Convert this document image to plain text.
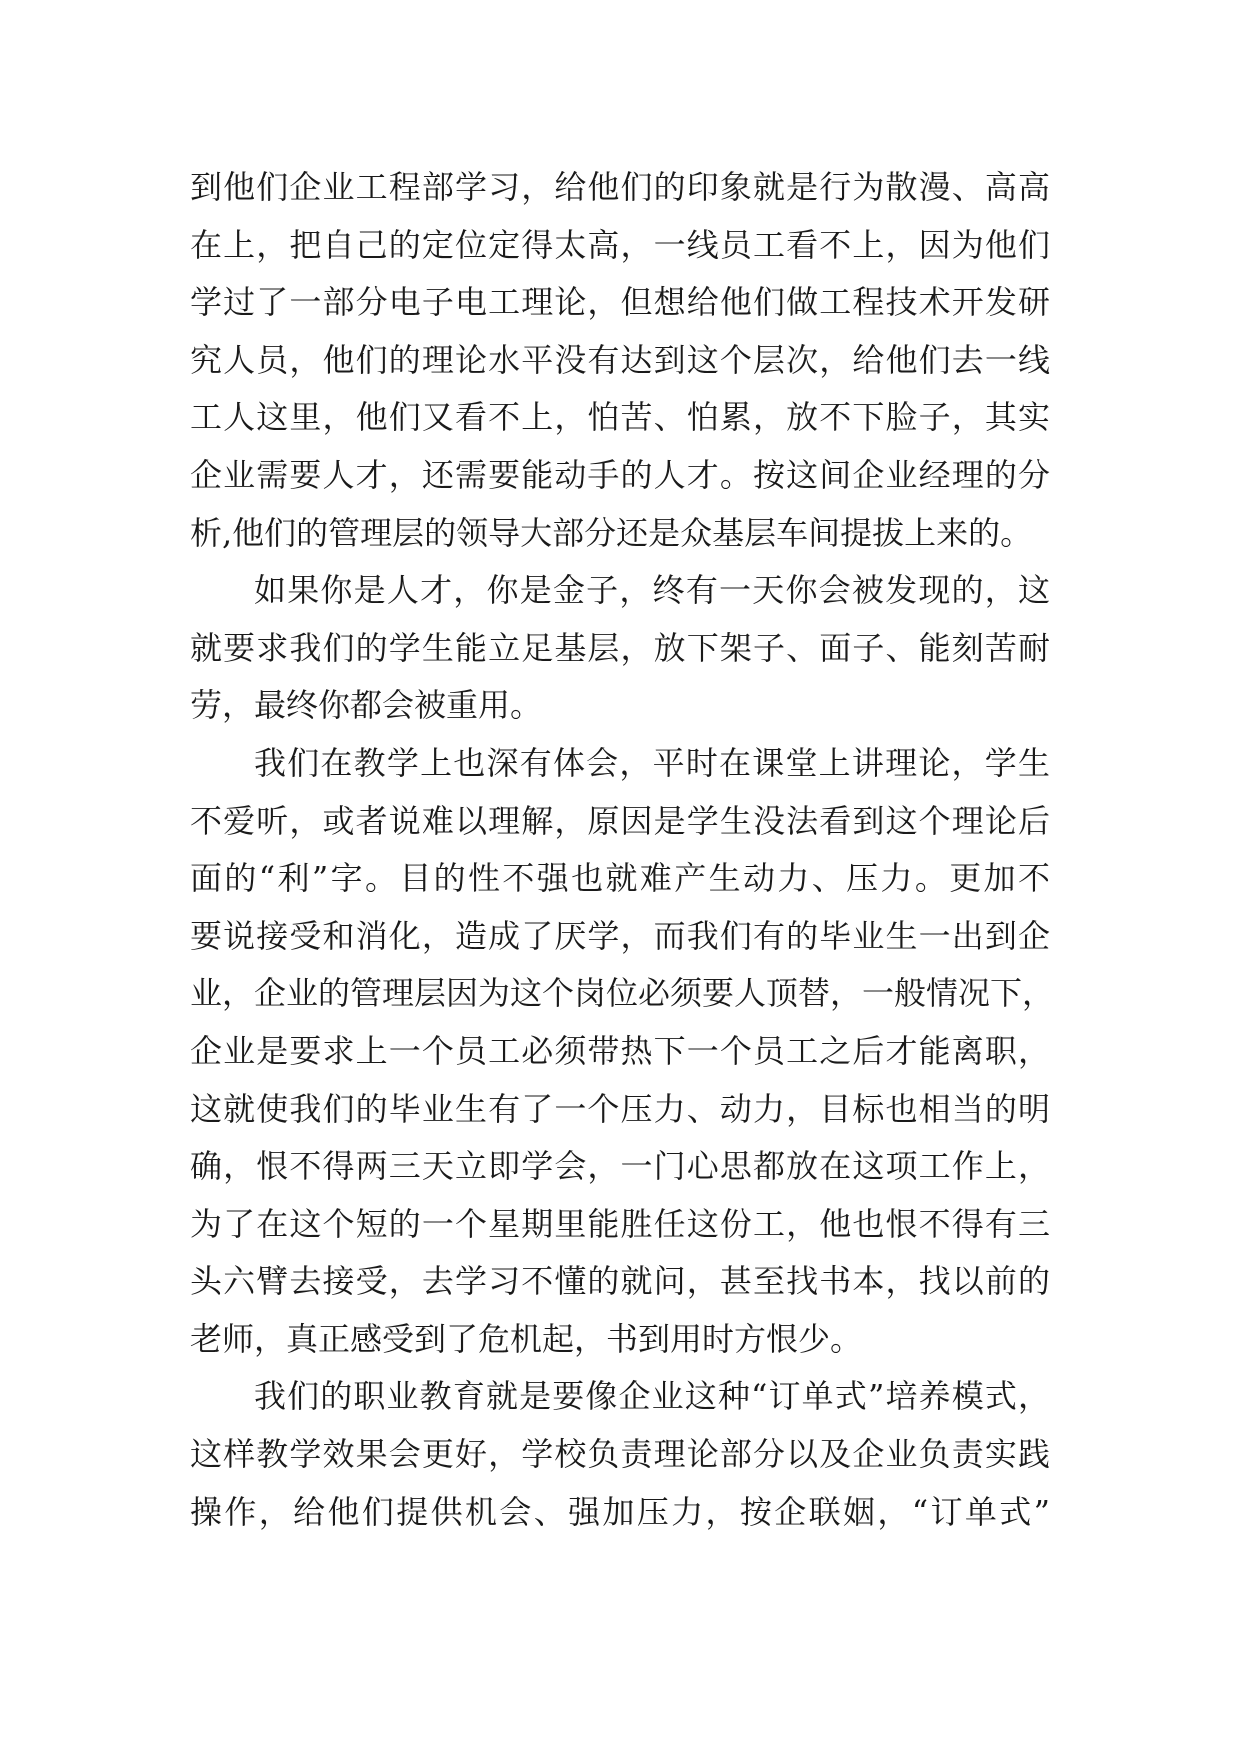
到他们企业工程部学习，给他们的印象就是行为散漫、高高
在上，把自己的定位定得太高，一线员工看不上，因为他们
学过了一部分电子电工理论，但想给他们做工程技术开发研
究人员，他们的理论水平没有达到这个层次，给他们去一线
工人这里，他们又看不上，怕苦、怕累，放不下脸子，其实
企业需要人才，还需要能动手的人才。按这间企业经理的分
析,他们的管理层的领导大部分还是众基层车间提拔上来的。
如果你是人才，你是金子，终有一天你会被发现的，这
就要求我们的学生能立足基层，放下架子、面子、能刻苦耐
劳，最终你都会被重用。
我们在教学上也深有体会，平时在课堂上讲理论，学生
不爱听，或者说难以理解，原因是学生没法看到这个理论后
面的“利”字。目的性不强也就难产生动力、压力。更加不
要说接受和消化，造成了厌学，而我们有的毕业生一出到企
业，企业的管理层因为这个岗位必须要人顶替，一般情况下，
企业是要求上一个员工必须带热下一个员工之后才能离职，
这就使我们的毕业生有了一个压力、动力，目标也相当的明
确，恨不得两三天立即学会，一门心思都放在这项工作上，
为了在这个短的一个星期里能胜任这份工，他也恨不得有三
头六臂去接受，去学习不懂的就问，甚至找书本，找以前的
老师，真正感受到了危机起，书到用时方恨少。
我们的职业教育就是要像企业这种“订单式”培养模式，
这样教学效果会更好，学校负责理论部分以及企业负责实践
操作，给他们提供机会、强加压力，按企联姻，“订单式”
